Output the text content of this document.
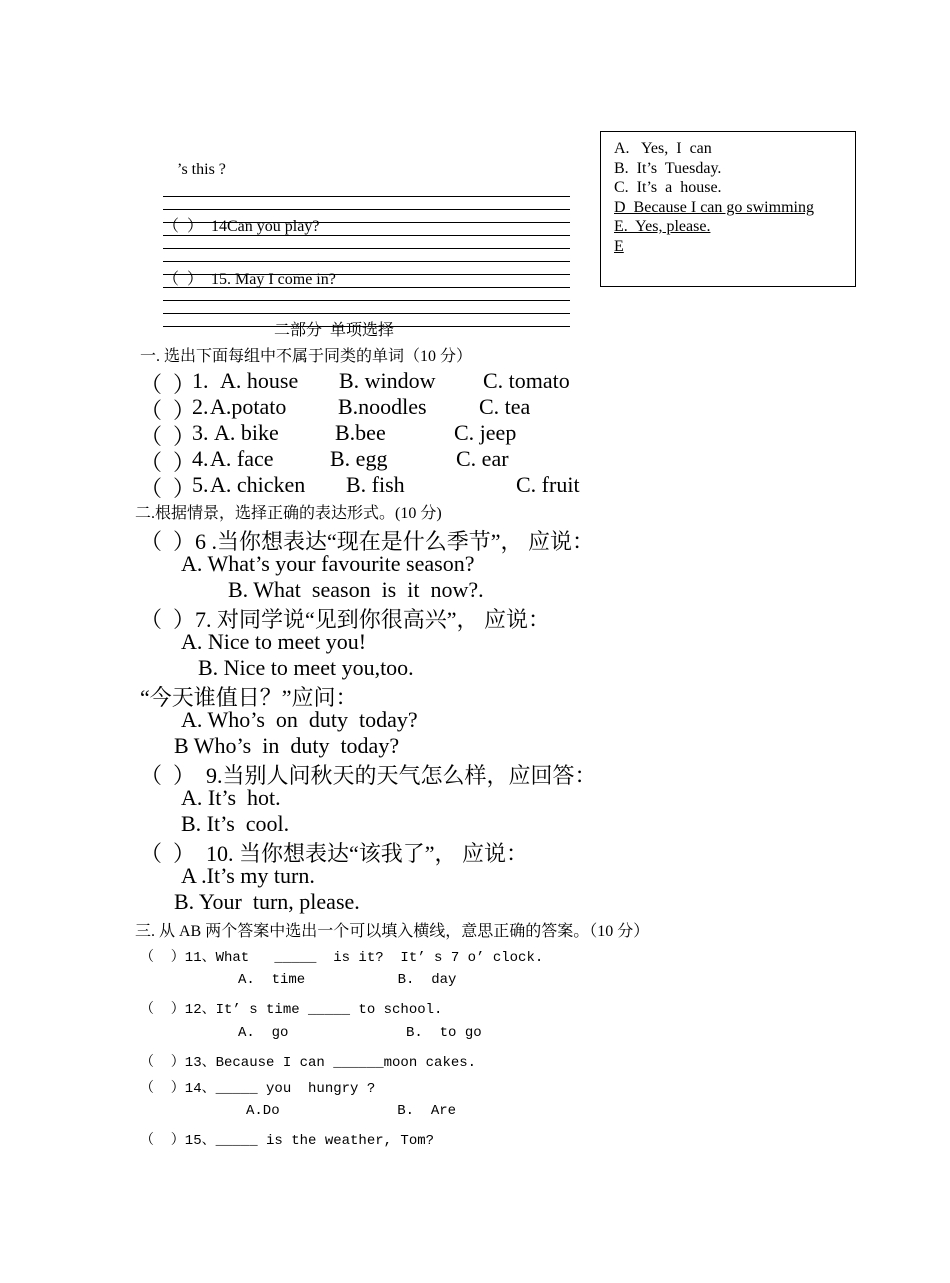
A.   Yes,  I  can
B.  It’s  Tuesday.
C.  It’s  a  house.
D  Because I can go swimming
E.  Yes, please.
E
’s this ?
（  ）  14Can you play?
（  ）  15. May I come in?
二部分  单项选择
一. 选出下面每组中不属于同类的单词（10 分）
（  ）
1. A. house B. window C. tomato
（  ）
2. A.potato B.noodles C. tea
（  ）
3. A. bike	B.bee	C. jeep
（  ）
4. A. face	B. egg	C. ear
（  ）
5. A. chicken B. fish	C. fruit
二.根据情景，选择正确的表达形式。(10 分)
（  ）6 .当你想表达“现在是什么季节”， 应说：
A. What’s your favourite season?
B. What  season  is  it  now?.
（  ）7. 对同学说“见到你很高兴”， 应说：
A. Nice to meet you!
B. Nice to meet you,too.
“今天谁值日？”应问：
A. Who’s  on  duty  today?
B Who’s  in  duty  today?
（  ）  9.当别人问秋天的天气怎么样，应回答：
A. It’s  hot.
B. It’s  cool.
（  ）  10. 当你想表达“该我了”， 应说：
A .It’s my turn.
B. Your  turn, please.
三. 从 AB 两个答案中选出一个可以填入横线，意思正确的答案。（10 分）
（  ）11、What   _____  is it?  It’ s 7 o’ clock.
A.  time           B.  day
（  ）12、It’ s time _____ to school.
A.  go              B.  to go
（  ）13、Because I can ______moon cakes.
（  ）14、_____ you  hungry ?
A.Do              B.  Are
（  ）15、_____ is the weather, Tom?
